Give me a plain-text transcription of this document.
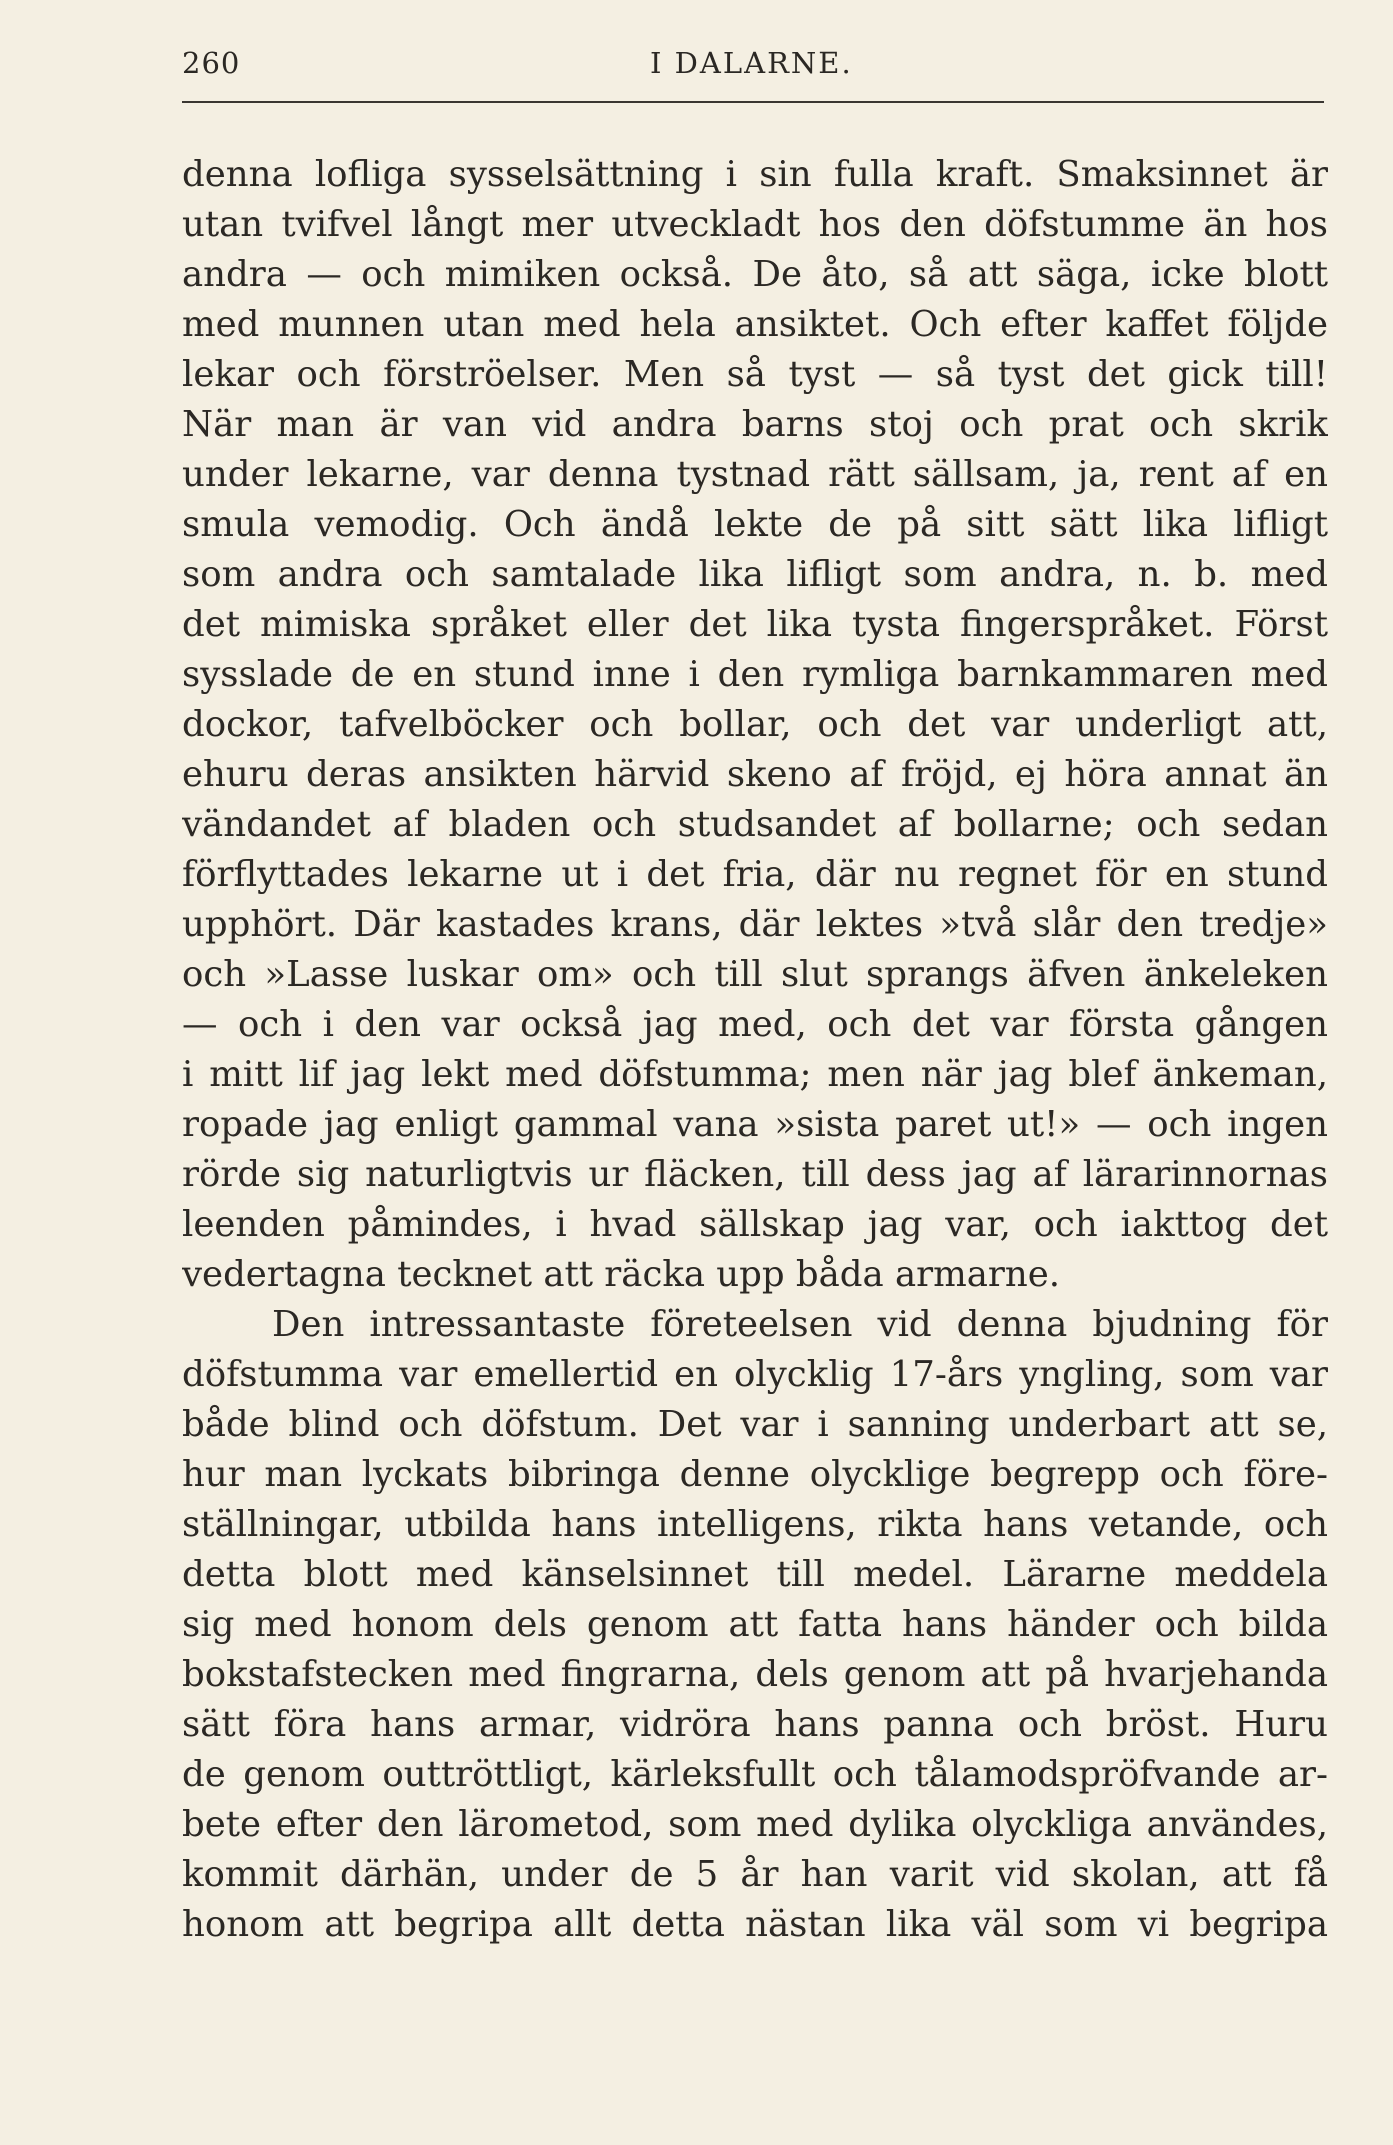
260	I DALARNE.
denna lofliga sysselsättning i sin fulla kraft. Smaksinnet är
utan tvifvel långt mer utveckladt hos den döfstumme än hos
andra — och mimiken också. De åto, så att säga, icke blott
med munnen utan med hela ansiktet. Och efter kaffet följde
lekar och förströelser. Men så tyst — så tyst det gick till!
När man är van vid andra barns stoj och prat och skrik
under lekarne, var denna tystnad rätt sällsam, ja, rent af en
smula vemodig. Och ändå lekte de på sitt sätt lika lifligt
som andra och samtalade lika lifligt som andra, n. b. med
det mimiska språket eller det lika tysta fingerspråket. Först
sysslade de en stund inne i den rymliga barnkammaren med
dockor, tafvelböcker och bollar, och det var underligt att,
ehuru deras ansikten härvid skeno af fröjd, ej höra annat än
vändandet af bladen och studsandet af bollarne; och sedan
förflyttades lekarne ut i det fria, där nu regnet för en stund
upphört. Där kastades krans, där lektes »två slår den tredje»
och »Lasse luskar om» och till slut sprangs äfven änkeleken
— och i den var också jag med, och det var första gången
i mitt lif jag lekt med döfstumma; men när jag blef änkeman,
ropade jag enligt gammal vana »sista paret ut!» — och ingen
rörde sig naturligtvis ur fläcken, till dess jag af lärarinnornas
leenden påmindes, i hvad sällskap jag var, och iakttog det
vedertagna tecknet att räcka upp båda armarne.
Den intressantaste företeelsen vid denna bjudning för
döfstumma var emellertid en olycklig 17-års yngling, som var
både blind och döfstum. Det var i sanning underbart att se,
hur man lyckats bibringa denne olycklige begrepp och före-
ställningar, utbilda hans intelligens, rikta hans vetande, och
detta blott med känselsinnet till medel. Lärarne meddela
sig med honom dels genom att fatta hans händer och bilda
bokstafstecken med fingrarna, dels genom att på hvarjehanda
sätt föra hans armar, vidröra hans panna och bröst. Huru
de genom outtröttligt, kärleksfullt och tålamodspröfvande ar-
bete efter den lärometod, som med dylika olyckliga användes,
kommit därhän, under de 5 år han varit vid skolan, att få
honom att begripa allt detta nästan lika väl som vi begripa
